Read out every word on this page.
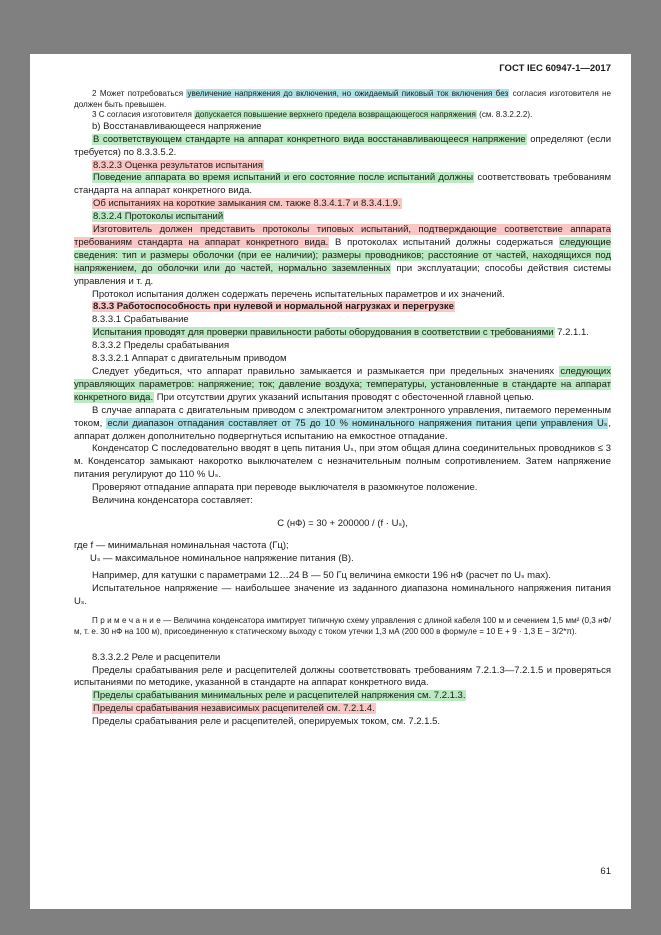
ГОСТ IEC 60947-1—2017

2 Может потребоваться увеличение напряжения до включения, но ожидаемый пиковый ток включения без согласия изготовителя не должен быть превышен.

3 С согласия изготовителя допускается повышение верхнего предела возвращающегося напряжения (см. 8.3.2.2.2).

b) Восстанавливающееся напряжение

В соответствующем стандарте на аппарат конкретного вида восстанавливающееся напряжение определяют (если требуется) по 8.3.3.5.2.

8.3.2.3 Оценка результатов испытания

Поведение аппарата во время испытаний и его состояние после испытаний должны соответствовать требованиям стандарта на аппарат конкретного вида.

Об испытаниях на короткие замыкания см. также 8.3.4.1.7 и 8.3.4.1.9.

8.3.2.4 Протоколы испытаний

Изготовитель должен представить протоколы типовых испытаний, подтверждающие соответствие аппарата требованиям стандарта на аппарат конкретного вида. В протоколах испытаний должны содержаться следующие сведения: тип и размеры оболочки (при ее наличии); размеры проводников; расстояние от частей, находящихся под напряжением, до оболочки или до частей, нормально заземленных при эксплуатации; способы действия системы управления и т. д.

Протокол испытания должен содержать перечень испытательных параметров и их значений.

8.3.3 Работоспособность при нулевой и нормальной нагрузках и перегрузке

8.3.3.1 Срабатывание

Испытания проводят для проверки правильности работы оборудования в соответствии с требованиями 7.2.1.1.

8.3.3.2 Пределы срабатывания

8.3.3.2.1 Аппарат с двигательным приводом

Следует убедиться, что аппарат правильно замыкается и размыкается при предельных значениях следующих управляющих параметров: напряжение; ток; давление воздуха; температуры, установленные в стандарте на аппарат конкретного вида. При отсутствии других указаний испытания проводят с обесточенной главной цепью.

В случае аппарата с двигательным приводом с электромагнитом электронного управления, питаемого переменным током, если диапазон отпадания составляет от 75 до 10 % номинального напряжения питания цепи управления Uₛ, аппарат должен дополнительно подвергнуться испытанию на емкостное отпадание.

Конденсатор С последовательно вводят в цепь питания Uₛ, при этом общая длина соединительных проводников ≤ 3 м. Конденсатор замыкают накоротко выключателем с незначительным полным сопротивлением. Затем напряжение питания регулируют до 110 % Uₛ.

Проверяют отпадание аппарата при переводе выключателя в разомкнутое положение.

Величина конденсатора составляет:

С (нФ) = 30 + 200000 / (f · Uₛ),

где f — минимальная номинальная частота (Гц);

Uₛ — максимальное номинальное напряжение питания (В).

Например, для катушки с параметрами 12…24 В — 50 Гц величина емкости 196 нФ (расчет по Uₛ max).

Испытательное напряжение — наибольшее значение из заданного диапазона номинального напряжения питания Uₛ.

П р и м е ч а н и е — Величина конденсатора имитирует типичную схему управления с длиной кабеля 100 м и сечением 1,5 мм² (0,3 нФ/м, т. е. 30 нФ на 100 м), присоединенную к статическому выходу с током утечки 1,3 мА (200 000 в формуле = 10 Е + 9 · 1,3 Е − 3/2*π).

8.3.3.2.2 Реле и расцепители

Пределы срабатывания реле и расцепителей должны соответствовать требованиям 7.2.1.3—7.2.1.5 и проверяться испытаниями по методике, указанной в стандарте на аппарат конкретного вида.

Пределы срабатывания минимальных реле и расцепителей напряжения см. 7.2.1.3.

Пределы срабатывания независимых расцепителей см. 7.2.1.4.

Пределы срабатывания реле и расцепителей, оперируемых током, см. 7.2.1.5.

61
